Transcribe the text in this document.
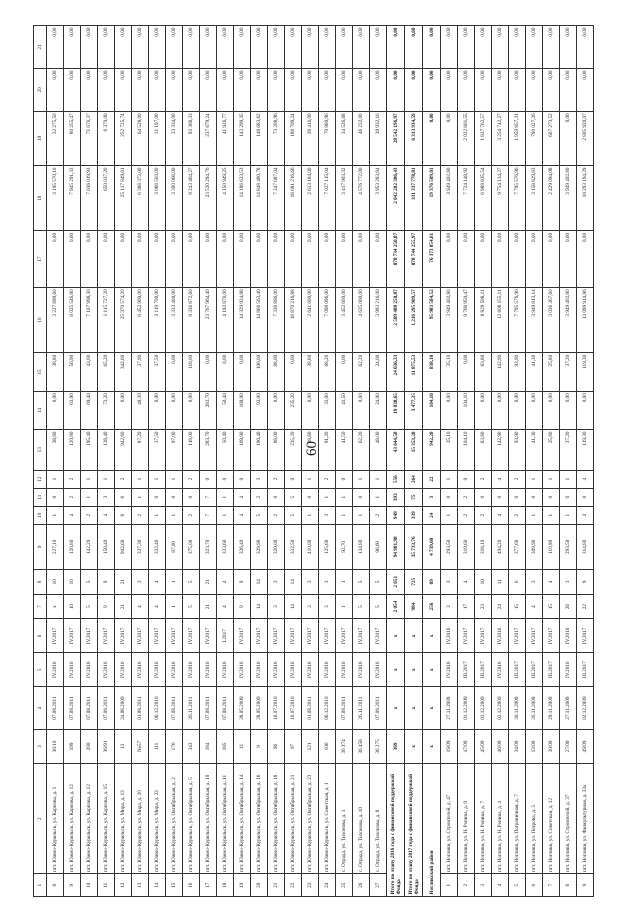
60
1	2	3	4	5	6	7	8	9	10	11	12	13	14	15	16	17	18	19	20	21
8	пгт. Южно-Курильск, ул. Карпова, д. 1	36/10	07.08.2011	IV.2016	IV.2017	x	10	227,10	1	0	1	38,80	0,00	38,80	3 227 899,60	0,00	3 195 570,10	32 275,50	0,00	0,00
9	пгт. Южно-Курильск, ул. Карпова, д. 12	199	07.08.2011	IV.2016	IV.2017	10	10	120,80	4	2	2	120,80	63,90	56,90	8 025 546,80	0,00	7 945 291,33	80 255,47	0,00	0,00
10	пгт. Южно-Курильск, ул. Карпова, д. 12	200	07.08.2011	IV.2016	IV.2017	5	5	142,20	2	1	1	195,40	69,40	43,00	7 107 998,30	0,00	7 036 019,93	71 076,37	0,00	0,00
11	пгт. Южно-Курильск, ул. Карпова, д. 15	36/91	07.08.2011	IV.2016	IV.2017	9	9	158,40	4	3	1	138,40	73,20	65,20	1 115 727,20	0,00	650 037,20	6 370,00	0,00	0,00
12	пгт. Южно-Курильск, ул. Мира, д. 13	13	24.08.2009	IV.2016	IV.2017	21	21	942,60	8	6	2	942,60	0,00	342,60	25 370 574,20	0,00	25 117 849,61	252 725,74	0,00	0,00
13	пгт. Южно-Курильск, ул. Мира, д. 20	Ne57	01.08.2011	IV.2016	IV.2017	4	3	337,30	2	1	1	87,20	49,30	37,90	6 452 900,00	0,00	6 388 372,00	64 528,00	0,00	0,00
14	пгт. Южно-Курильск, ул. Мира, д. 23	111	06.12.2010	IV.2016	IV.2017	4	4	332,40	1	0	1	37,50	0,00	37,50	3 119 700,00	0,00	3 088 503,00	31 197,00	0,00	0,00
15	пгт. Южно-Курильск, ул. Октябрьская, д. 2	176	07.08.2011	IV.2016	IV.2017	1	1	87,00	1	0	1	97,00	0,00	0,00	3 333 400,00	0,00	3 300 066,00	33 334,00	0,00	0,00
16	пгт. Южно-Курильск, ул. Октябрьская, д. 5	343	26.11.2011	IV.2016	IV.2017	5	5	375,00	2	0	2	118,00	0,00	118,00	9 336 872,60	0,00	9 243 464,27	93 368,33	0,00	0,00
17	пгт. Южно-Курильск, ул. Октябрьская, д. 10	184	07.08.2011	IV.2016	IV.2017	21	21	323,70	7	7	0	283,70	283,70	0,00	23 767 964,40	0,00	23 530 294,76	237 679,24	0,00	0,00
18	пгт. Южно-Курильск, ул. Октябрьская, д. 11	185	07.08.2011	IV.2016	I.2017	4	4	333,60	1	1	0	50,40	50,40	0,00	4 192 876,00	0,00	4 150 949,25	41 926,77	0,00	0,00
19	пгт. Южно-Курильск, ул. Октябрьская, д. 14	11	28.05.2009	IV.2016	IV.2017	9	9	326,40	4	4	0	169,90	169,90	0,00	14 329 934,88	0,00	14 186 633,53	143 299,35	0,00	0,00
20	пгт. Южно-Курильск, ул. Октябрьская, д. 16	9	28.05.2009	IV.2016	IV.2017	14	14	329,90	5	2	3	190,40	93,00	106,00	14 866 563,40	0,00	14 848 480,78	148 683,62	0,00	0,00
21	пгт. Южно-Курильск, ул. Октябрьская, д. 18	96	16.07.2010	IV.2016	IV.2017	3	3	320,00	2	0	2	88,00	0,00	88,00	7 338 896,00	0,00	7 247 687,04	73 208,96	0,00	0,00
22	пгт. Южно-Курильск, ул. Октябрьская, д. 21	97	16.07.2010	IV.2016	IV.2017	14	14	332,50	5	5	0	235,20	235,20	0,00	18 870 216,88	0,00	18 681 216,66	188 709,24	0,00	0,00
23	пгт. Южно-Курильск, ул. Октябрьская, д. 23	121	01.08.2011	IV.2016	IV.2017	3	3	410,00	1	0	1	38,80	0,00	38,80	2 641 600,00	0,00	2 613 184,00	28 416,00	0,00	0,00
24	пгт. Южно-Курильск, ул. Советская, д. 1	106	06.12.2010	IV.2016	IV.2017	3	3	125,60	3	1	2	91,20	33,00	68,20	7 098 096,00	0,00	7 027 115,04	70 980,96	0,00	0,00
25	с. Отрада, ул. Тихонова, д. 1	36 374	07.08.2011	IV.2016	IV.2017	1	1	92,70	1	1	0	41,50	41,50	0,00	3 452 600,00	0,00	3 417 903,32	34 526,68	0,00	0,00
26	с. Отрада, ул. Тихонова, д. 10	36 458	26.11.2011	IV.2016	IV.2017	5	5	134,80	1	0	1	62,20	0,00	62,20	4 625 000,00	0,00	4 576 772,00	46 232,00	0,00	0,00
27	с. Отрада, ул. Тихонова, д. 8	36 275	07.08.2011	IV.2016	IV.2017	5	5	96,60	2	1	1	48,00	24,00	24,00	3 993 216,00	0,00	3 953 283,84	39 932,16	0,00	0,00
Итого по этапу 2016 года с финансовой поддержкой Фонда		369	x	x	x	2 054	2 051	94 981,98	949	393	556	43 644,58	19 038,65	24 636,33	2 589 488 250,87	878 734 250,87	2 042 202 386,43	28 542 196,97	0,00	0,00
Итого по этапу 2017 года с финансовой поддержкой Фонда		x	x	x	x	984	725	35 733,76	339	75	264	15 353,28	3 477,35	11 875,53	1 216 295 909,57	878 744 255,97	331 337 778,81	6 313 934,59	0,00	0,00
Ногликский район		x	x	x	x	256	69	4 739,60	24	3	22	942,20	104,10	838,10	95 983 584,52	76 373 054,61	19 376 509,01	0,00	0,00	0,00
1	пгт. Ноглики, ул. Строителей, д. 47	19/09	27.11.2009	IV.2016	IV.2016	3	3	293,50	1	0	1	35,10	0,00	35,10	3 949 402,80	0,00	3 949 402,80	0,00	0,00	0,00
2	пгт. Ноглики, ул. Н. Репина, д. 9	47/09	01.12.2009	III.2017	IV.2017	17	4	319,60	2	2	0	104,10	104,10	0,00	9 768 950,47	0,00	7 724 148,92	2 022 801,55	0,00	0,00
3	пгт. Ноглики, ул. Н. Репина, д. 7	45/09	01.12.2009	III.2017	IV.2017	23	10	318,10	2	0	2	83,80	0,00	83,80	8 829 598,11	0,00	6 988 835,54	1 837 762,57	0,00	0,00
4	пгт. Ноглики, ул. Н. Репина, д. 4	46/09	02.12.2009	IV.2016	IV.2016	24	11	494,20	4	0	4	142,90	0,00	142,90	12 608 155,11	0,00	9 754 134,27	3 254 742,27	0,00	0,00
5	пгт. Ноглики, ул. Пограничная, д. 7	34/09	30.11.2009	III.2017	IV.2017	15	6	377,60	2	0	2	93,90	0,00	93,90	7 795 576,96	0,00	7 795 576,96	1 959 857,31	0,00	0,00
6	пгт. Ноглики, ул. Петрова, д. 5	13/09	26.11.2009	III.2017	IV.2017	4	3	309,90	1	0	1	41,30	0,00	41,30	3 949 813,14	0,00	3 158 829,83	790 027,26	0,00	0,00
7	пгт. Ноглики, ул. Советская, д. 12	30/09	29.11.2009	III.2017	IV.2017	15	4	110,90	1	0	1	25,80	0,00	25,80	3 036 367,60	0,00	2 429 094,08	607 273,52	0,00	0,00
8	пгт. Ноглики, ул. Строителей, д. 37	27/09	27.11.2009	IV.2016	IV.2016	26	3	293,50	1	0	1	37,20	0,00	37,20	3 949 402,80	0,00	3 949 402,80	0,00	0,00	0,00
9	пгт. Ноглики, ул. Физкультурная, д. 33а	49/09	02.12.2009	III.2017	IV.2017	22	9	314,80	4	0	4	119,30	0,00	119,30	13 099 914,86	0,00	10 293 194,29	2 805 920,07	0,00	0,00
